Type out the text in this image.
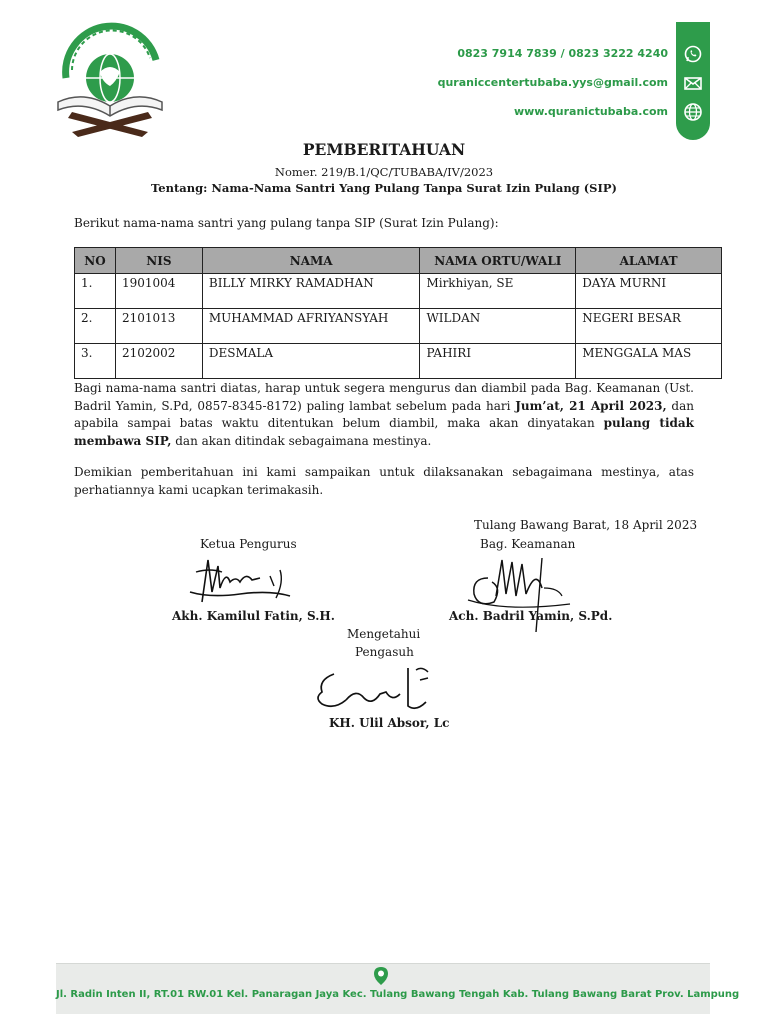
0823 7914 7839 / 0823 3222 4240
quraniccentertubaba.yys@gmail.com
www.quranictubaba.com
PEMBERITAHUAN
Nomer. 219/B.1/QC/TUBABA/IV/2023
Tentang: Nama-Nama Santri Yang Pulang Tanpa Surat Izin Pulang (SIP)
Berikut nama-nama santri yang pulang tanpa SIP (Surat Izin Pulang):
NO	NIS	NAMA	NAMA ORTU/WALI	ALAMAT
1.	1901004	BILLY MIRKY RAMADHAN	Mirkhiyan, SE	DAYA MURNI
2.	2101013	MUHAMMAD AFRIYANSYAH	WILDAN	NEGERI BESAR
3.	2102002	DESMALA	PAHIRI	MENGGALA MAS
Bagi nama-nama santri diatas, harap untuk segera mengurus dan diambil pada Bag. Keamanan (Ust. Badril Yamin, S.Pd, 0857-8345-8172) paling lambat sebelum pada hari Jum’at, 21 April 2023, dan apabila sampai batas waktu ditentukan belum diambil, maka akan dinyatakan pulang tidak membawa SIP, dan akan ditindak sebagaimana mestinya.
Demikian pemberitahuan ini kami sampaikan untuk dilaksanakan sebagaimana mestinya, atas perhatiannya kami ucapkan terimakasih.
Tulang Bawang Barat, 18 April 2023
Ketua Pengurus	Bag. Keamanan
Akh. Kamilul Fatin, S.H.	Ach. Badril Yamin, S.Pd.
Mengetahui
Pengasuh
KH. Ulil Absor, Lc
Jl. Radin Inten II, RT.01 RW.01 Kel. Panaragan Jaya Kec. Tulang Bawang Tengah Kab. Tulang Bawang Barat Prov. Lampung
